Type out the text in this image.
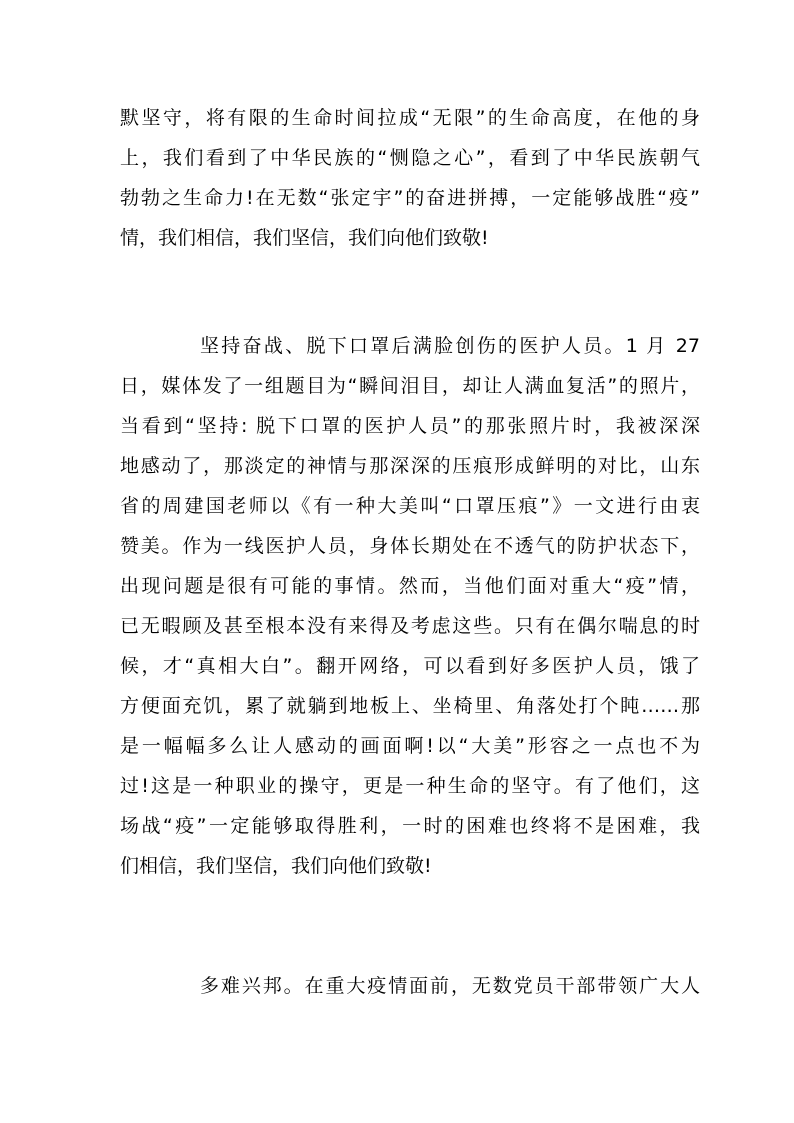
默坚守，将有限的生命时间拉成“无限”的生命高度，在他的身
上，我们看到了中华民族的“恻隐之心”，看到了中华民族朝气
勃勃之生命力!在无数“张定宇”的奋进拼搏，一定能够战胜“疫”
情，我们相信，我们坚信，我们向他们致敬!
坚持奋战、脱下口罩后满脸创伤的医护人员。1 月 27
日，媒体发了一组题目为“瞬间泪目，却让人满血复活”的照片，
当看到“坚持: 脱下口罩的医护人员”的那张照片时，我被深深
地感动了，那淡定的神情与那深深的压痕形成鲜明的对比，山东
省的周建国老师以《有一种大美叫“口罩压痕”》一文进行由衷
赞美。作为一线医护人员，身体长期处在不透气的防护状态下，
出现问题是很有可能的事情。然而，当他们面对重大“疫”情，
已无暇顾及甚至根本没有来得及考虑这些。只有在偶尔喘息的时
候，才“真相大白”。翻开网络，可以看到好多医护人员，饿了
方便面充饥，累了就躺到地板上、坐椅里、角落处打个盹……那
是一幅幅多么让人感动的画面啊!以“大美”形容之一点也不为
过!这是一种职业的操守，更是一种生命的坚守。有了他们，这
场战“疫”一定能够取得胜利，一时的困难也终将不是困难，我
们相信，我们坚信，我们向他们致敬!
多难兴邦。在重大疫情面前，无数党员干部带领广大人
